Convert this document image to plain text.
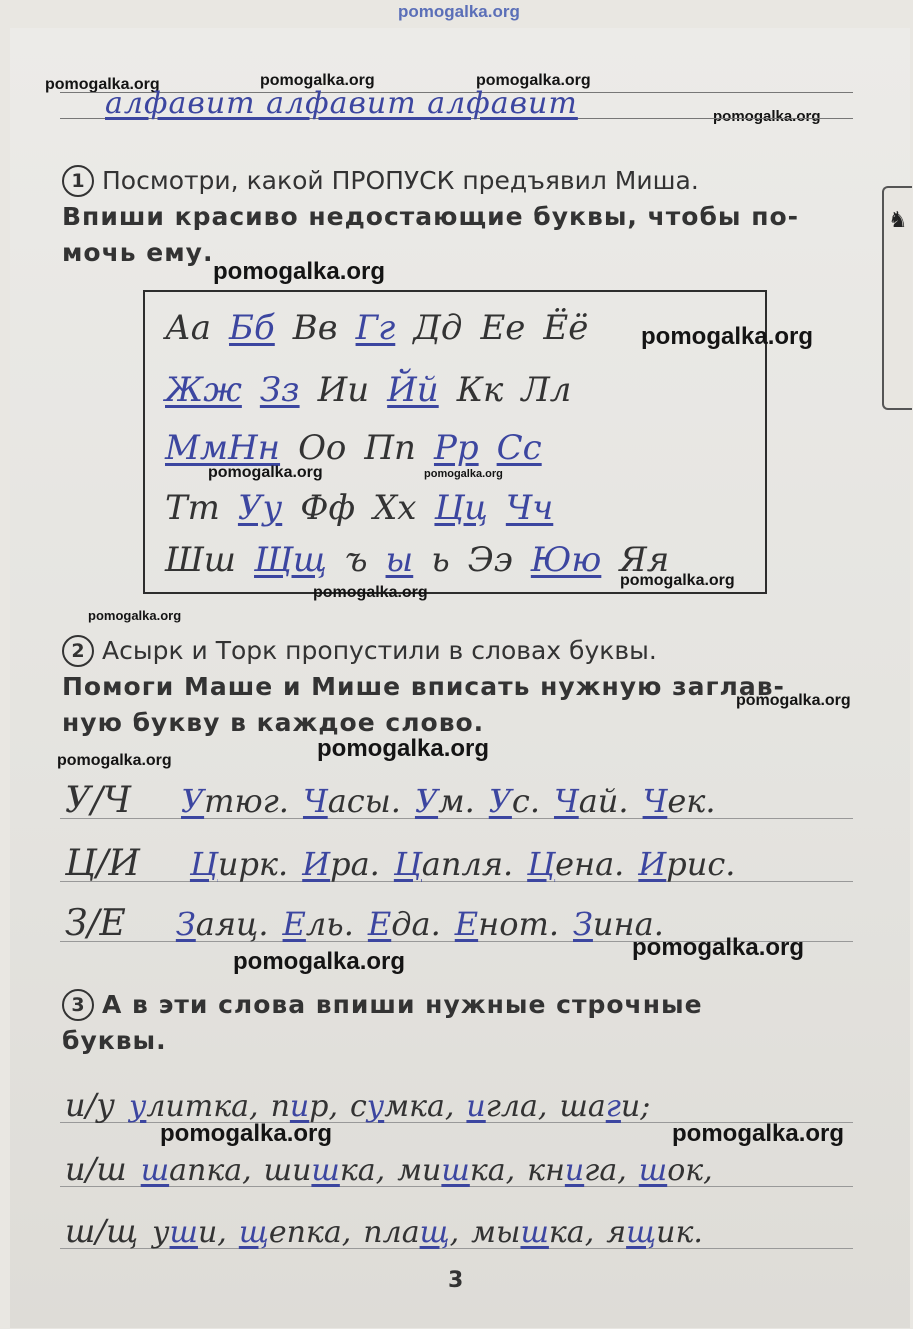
♞
pomogalka.org
pomogalka.org	pomogalka.org	pomogalka.org
pomogalka.org
алфавит алфавит алфавит
1 Посмотри, какой ПРОПУСК предъявил Миша.
Впиши красиво недостающие буквы, чтобы по-
мочь ему.
pomogalka.org
Аа Бб Вв Гг Дд Ее Ёё
Жж Зз Ии Йй Кк Лл
МмНн Оо Пп Рр Сс
Тт Уу Фф Хх Цц Чч
Шш Щщ ъ ы ь Ээ Юю Яя
pomogalka.org
pomogalka.org	pomogalka.org
pomogalka.org
pomogalka.org
pomogalka.org
2 Асырк и Торк пропустили в словах буквы.
Помоги Маше и Мише вписать нужную заглав-
ную букву в каждое слово.
pomogalka.org
pomogalka.org
pomogalka.org
У/Ч Утюг. Часы. Ум. Ус. Чай. Чек.
Ц/И Цирк. Ира. Цапля. Цена. Ирис.
З/Е Заяц. Ель. Еда. Енот. Зина.
pomogalka.org
pomogalka.org
3 А в эти слова впиши нужные строчные
буквы.
и/у улитка, пир, сумка, игла, шаги;
и/ш шапка, шишка, мишка, книга, шок,
ш/щ уши, щепка, плащ, мышка, ящик.
pomogalka.org	pomogalka.org
3
